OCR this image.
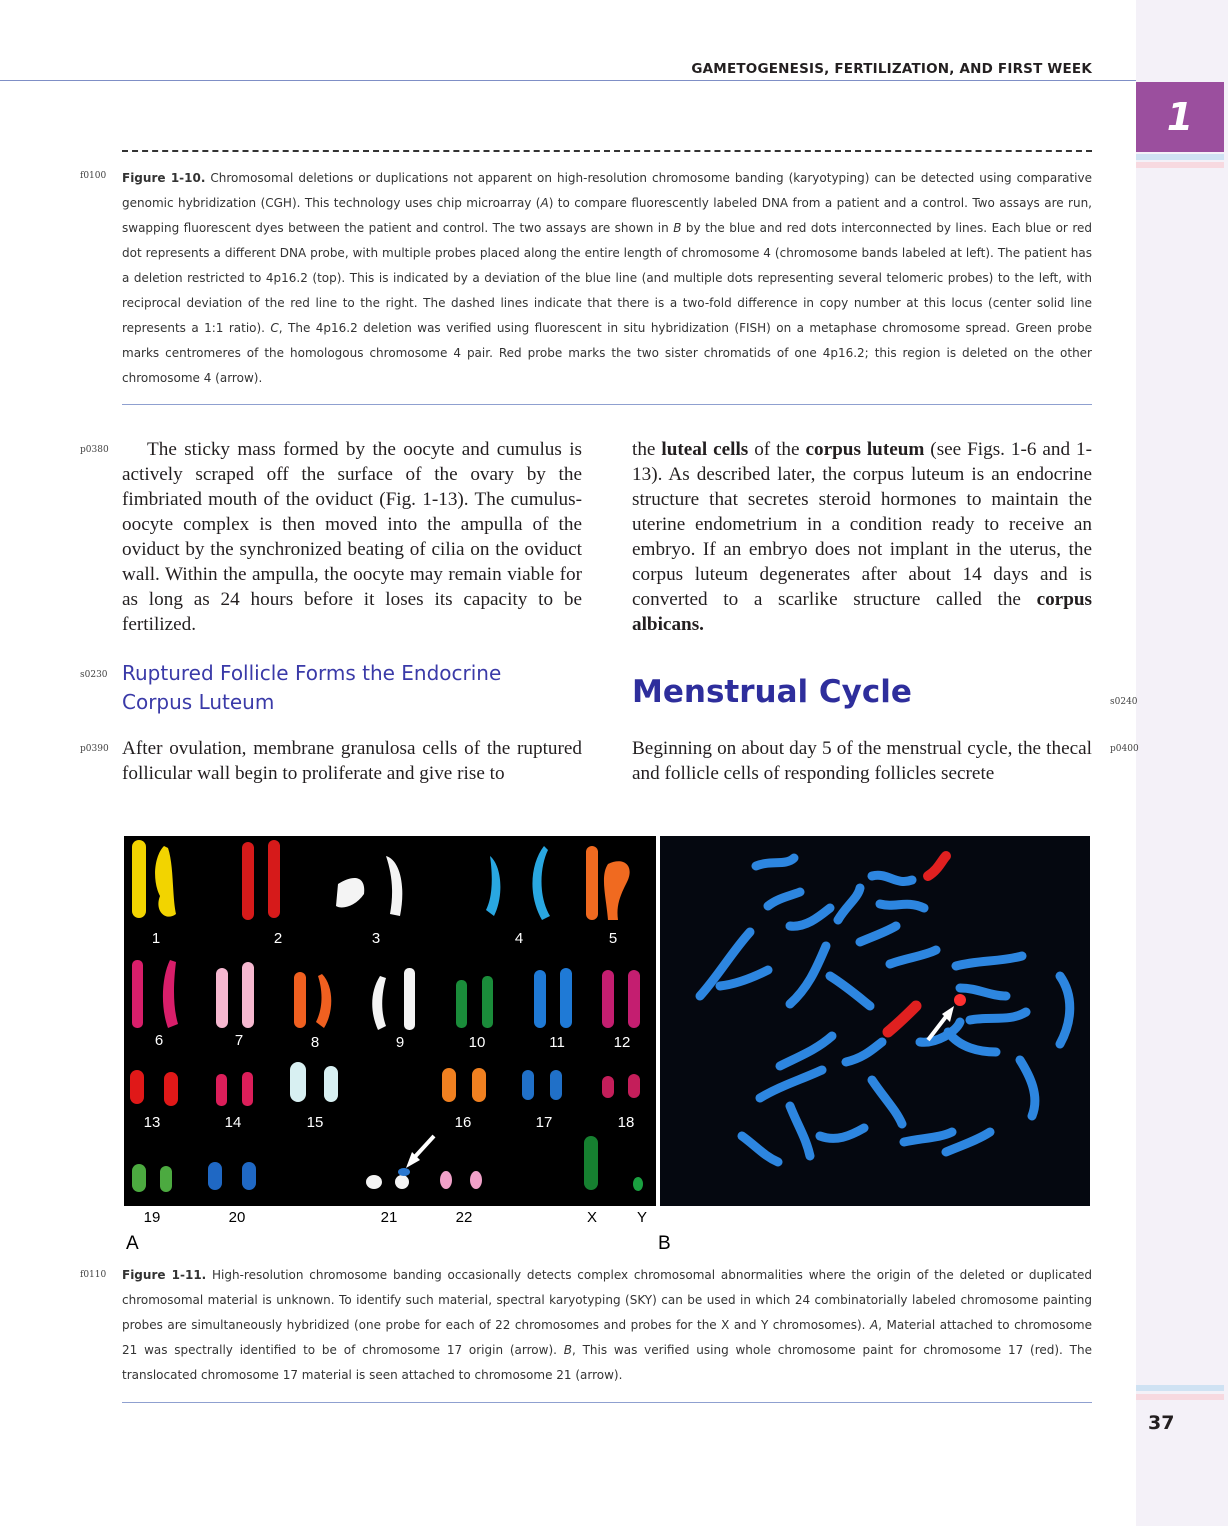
1
37
GAMETOGENESIS, FERTILIZATION, AND FIRST WEEK
f0100 Figure 1-10. Chromosomal deletions or duplications not apparent on high-resolution chromosome banding (karyotyping) can be detected using comparative genomic hybridization (CGH). This technology uses chip microarray (A) to compare fluorescently labeled DNA from a patient and a control. Two assays are run, swapping fluorescent dyes between the patient and control. The two assays are shown in B by the blue and red dots interconnected by lines. Each blue or red dot represents a different DNA probe, with multiple probes placed along the entire length of chromosome 4 (chromosome bands labeled at left). The patient has a deletion restricted to 4p16.2 (top). This is indicated by a deviation of the blue line (and multiple dots representing several telomeric probes) to the left, with reciprocal deviation of the red line to the right. The dashed lines indicate that there is a two-fold difference in copy number at this locus (center solid line represents a 1:1 ratio). C, The 4p16.2 deletion was verified using fluorescent in situ hybridization (FISH) on a metaphase chromosome spread. Green probe marks centromeres of the homologous chromosome 4 pair. Red probe marks the two sister chromatids of one 4p16.2; this region is deleted on the other chromosome 4 (arrow).
p0380	The sticky mass formed by the oocyte and cumulus is actively scraped off the surface of the ovary by the fimbriated mouth of the oviduct (Fig. 1-13). The cumulus-oocyte complex is then moved into the ampulla of the oviduct by the synchronized beating of cilia on the oviduct wall. Within the ampulla, the oocyte may remain viable for as long as 24 hours before it loses its capacity to be fertilized.
s0230 Ruptured Follicle Forms the Endocrine
Corpus Luteum
p0390 After ovulation, membrane granulosa cells of the ruptured follicular wall begin to proliferate and give rise to
the luteal cells of the corpus luteum (see Figs. 1-6 and 1-13). As described later, the corpus luteum is an endocrine structure that secretes steroid hormones to maintain the uterine endometrium in a condition ready to receive an embryo. If an embryo does not implant in the uterus, the corpus luteum degenerates after about 14 days and is converted to a scarlike structure called the corpus albicans.
Menstrual Cycle	s0240
Beginning on about day 5 of the menstrual cycle, the thecal and follicle cells of responding follicles secrete
p0400
1	2	3	4	5
6	7	8	9	10	11	12
13	14	15	16	17	18
19	20	21	22	X	Y
A	B
f0110 Figure 1-11. High-resolution chromosome banding occasionally detects complex chromosomal abnormalities where the origin of the deleted or duplicated chromosomal material is unknown. To identify such material, spectral karyotyping (SKY) can be used in which 24 combinatorially labeled chromosome painting probes are simultaneously hybridized (one probe for each of 22 chromosomes and probes for the X and Y chromosomes). A, Material attached to chromosome 21 was spectrally identified to be of chromosome 17 origin (arrow). B, This was verified using whole chromosome paint for chromosome 17 (red). The translocated chromosome 17 material is seen attached to chromosome 21 (arrow).
